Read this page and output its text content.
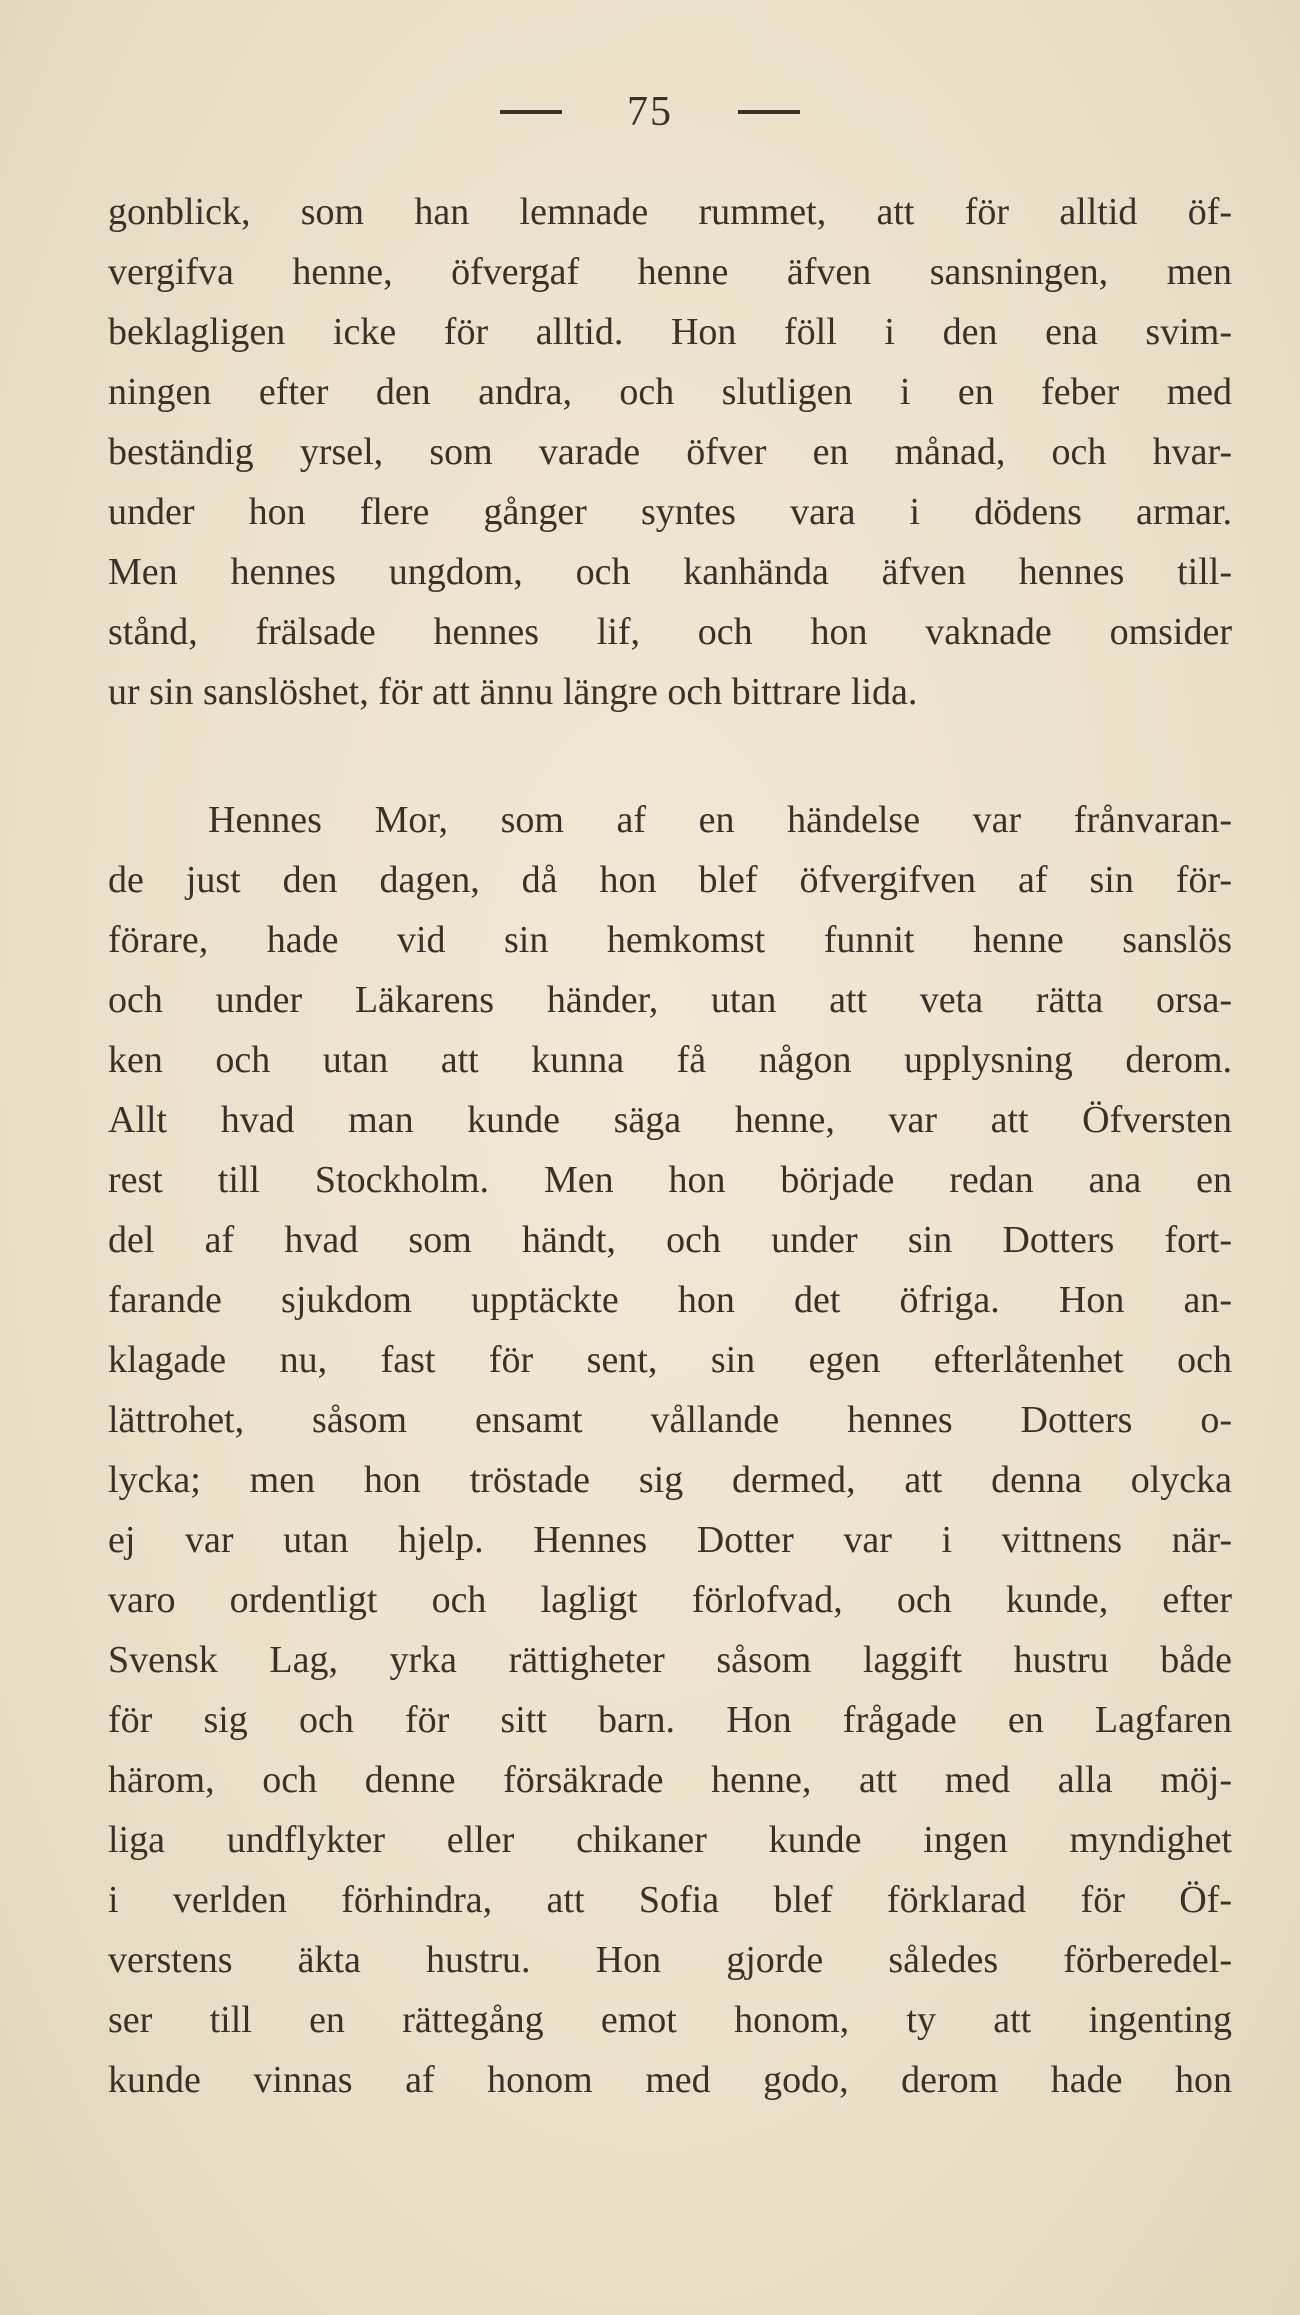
75
gonblick, som han lemnade rummet, att för alltid öf-
vergifva henne, öfvergaf henne äfven sansningen, men
beklagligen icke för alltid. Hon föll i den ena svim-
ningen efter den andra, och slutligen i en feber med
beständig yrsel, som varade öfver en månad, och hvar-
under hon flere gånger syntes vara i dödens armar.
Men hennes ungdom, och kanhända äfven hennes till-
stånd, frälsade hennes lif, och hon vaknade omsider
ur sin sanslöshet, för att ännu längre och bittrare lida.
Hennes Mor, som af en händelse var frånvaran-
de just den dagen, då hon blef öfvergifven af sin för-
förare, hade vid sin hemkomst funnit henne sanslös
och under Läkarens händer, utan att veta rätta orsa-
ken och utan att kunna få någon upplysning derom.
Allt hvad man kunde säga henne, var att Öfversten
rest till Stockholm. Men hon började redan ana en
del af hvad som händt, och under sin Dotters fort-
farande sjukdom upptäckte hon det öfriga. Hon an-
klagade nu, fast för sent, sin egen efterlåtenhet och
lättrohet, såsom ensamt vållande hennes Dotters o-
lycka; men hon tröstade sig dermed, att denna olycka
ej var utan hjelp. Hennes Dotter var i vittnens när-
varo ordentligt och lagligt förlofvad, och kunde, efter
Svensk Lag, yrka rättigheter såsom laggift hustru både
för sig och för sitt barn. Hon frågade en Lagfaren
härom, och denne försäkrade henne, att med alla möj-
liga undflykter eller chikaner kunde ingen myndighet
i verlden förhindra, att Sofia blef förklarad för Öf-
verstens äkta hustru. Hon gjorde således förberedel-
ser till en rättegång emot honom, ty att ingenting
kunde vinnas af honom med godo, derom hade hon
